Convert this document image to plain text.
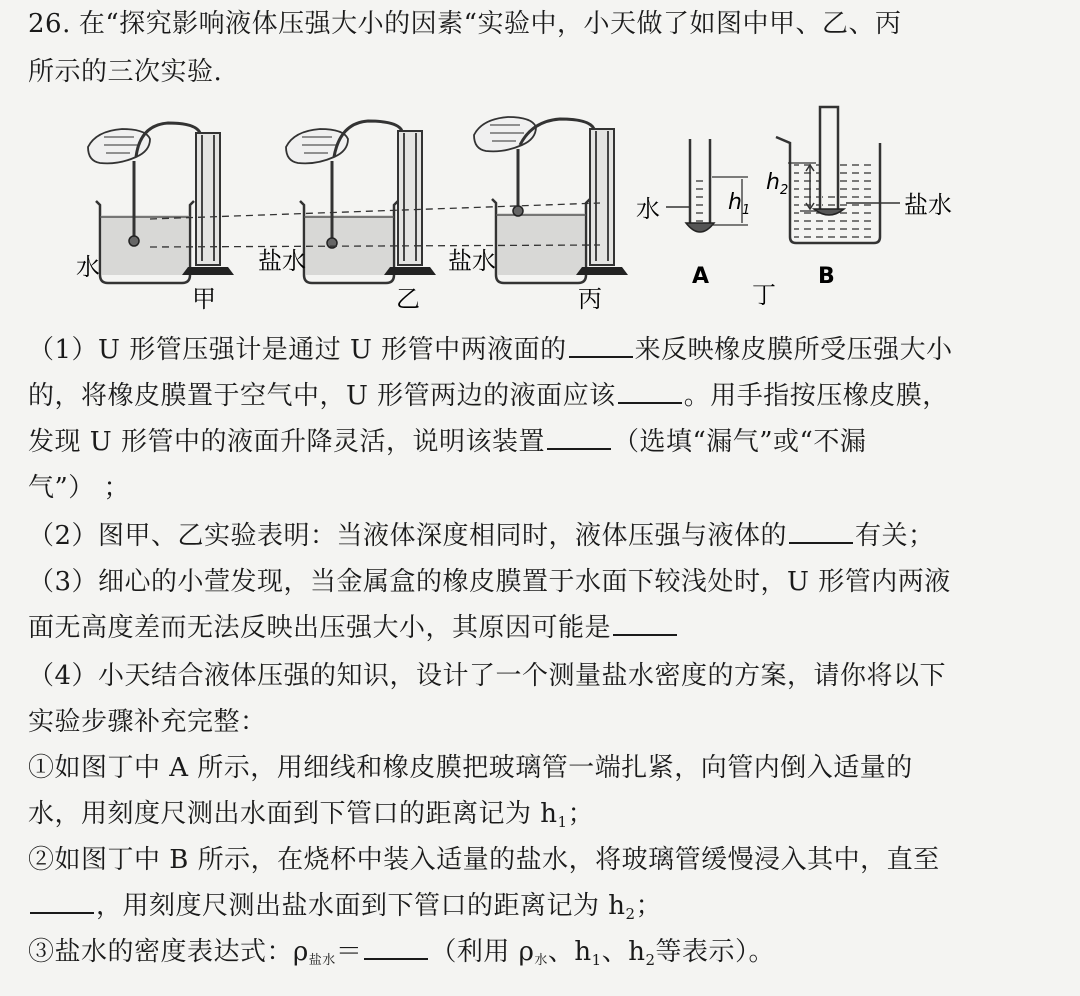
26. 在“探究影响液体压强大小的因素“实验中，小天做了如图中甲、乙、丙
所示的三次实验.
水
甲
盐水
乙
盐水
丙
水	$h_1$
A
$h_2$
盐水
B
丁
（1）U 形管压强计是通过 U 形管中两液面的	来反映橡皮膜所受压强大小
的，将橡皮膜置于空气中，U 形管两边的液面应该	。用手指按压橡皮膜，
发现 U 形管中的液面升降灵活，说明该装置	（选填“漏气”或“不漏
气”） ；
（2）图甲、乙实验表明：当液体深度相同时，液体压强与液体的	有关；
（3）细心的小萱发现，当金属盒的橡皮膜置于水面下较浅处时，U 形管内两液
面无高度差而无法反映出压强大小，其原因可能是
（4）小天结合液体压强的知识，设计了一个测量盐水密度的方案，请你将以下
实验步骤补充完整：
①如图丁中 A 所示，用细线和橡皮膜把玻璃管一端扎紧，向管内倒入适量的
水，用刻度尺测出水面到下管口的距离记为 $h_1$；
②如图丁中 B 所示，在烧杯中装入适量的盐水，将玻璃管缓慢浸入其中，直至
，用刻度尺测出盐水面到下管口的距离记为 $h_2$；
③盐水的密度表达式：ρ盐水＝	（利用 ρ水、$h_1$、$h_2$等表示）。
